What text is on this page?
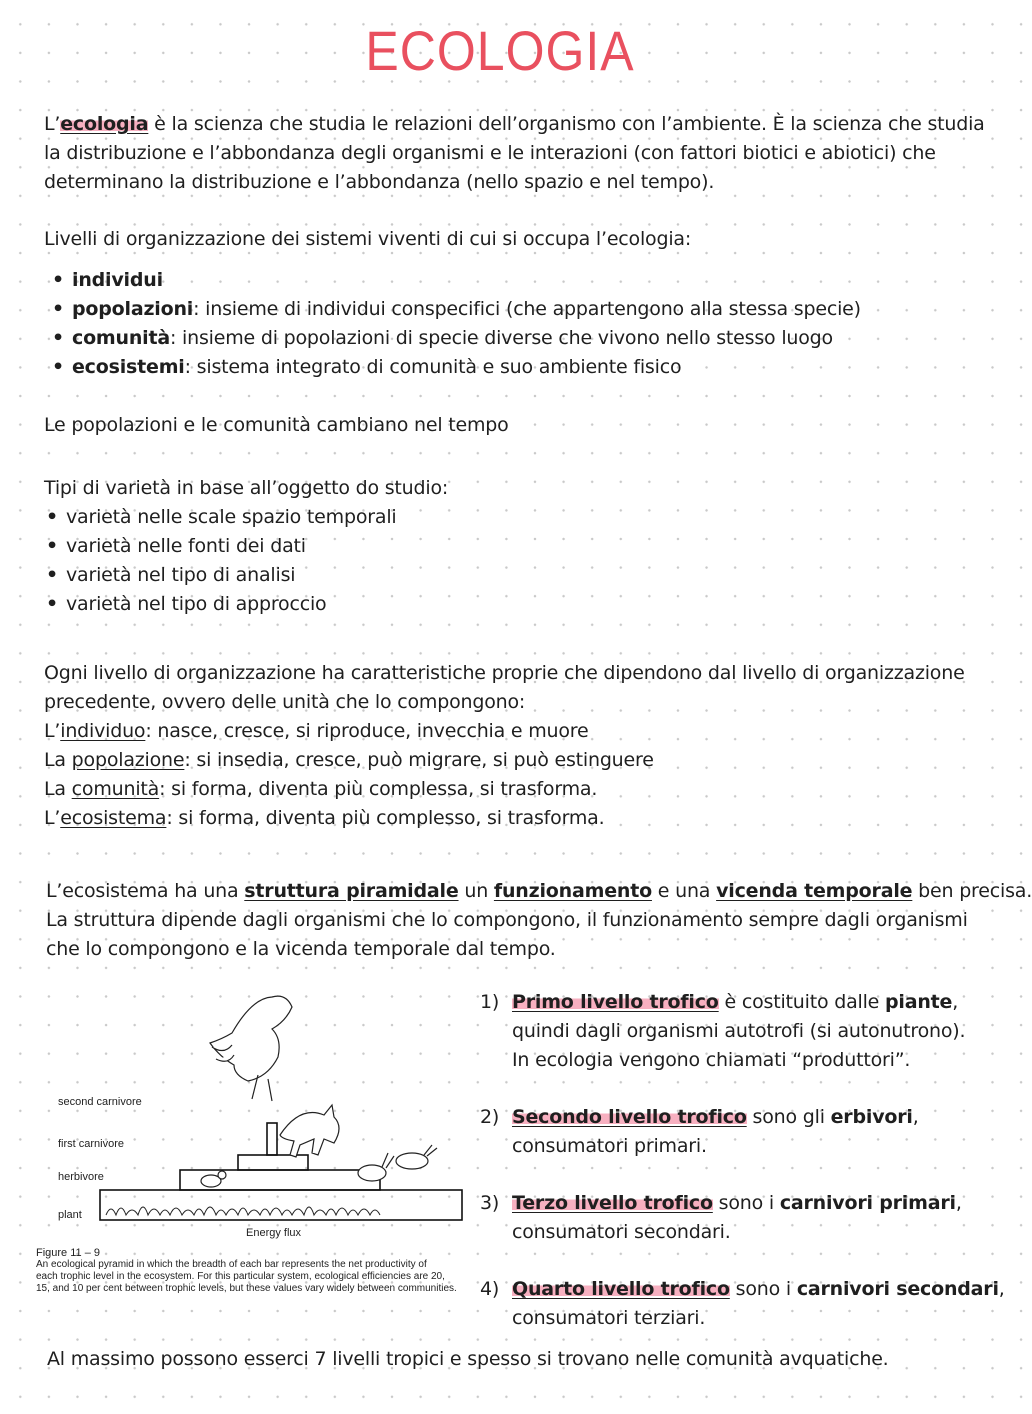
ECOLOGIA
L’ecologia è la scienza che studia le relazioni dell’organismo con l’ambiente. È la scienza che studia
la distribuzione e l’abbondanza degli organismi e le interazioni (con fattori biotici e abiotici) che
determinano la distribuzione e l’abbondanza (nello spazio e nel tempo).
Livelli di organizzazione dei sistemi viventi di cui si occupa l’ecologia:
• individui
• popolazioni: insieme di individui conspecifici (che appartengono alla stessa specie)
• comunità: insieme di popolazioni di specie diverse che vivono nello stesso luogo
• ecosistemi: sistema integrato di comunità e suo ambiente fisico
Le popolazioni e le comunità cambiano nel tempo
Tipi di varietà in base all’oggetto do studio:
• varietà nelle scale spazio temporali
• varietà nelle fonti dei dati
• varietà nel tipo di analisi
• varietà nel tipo di approccio
Ogni livello di organizzazione ha caratteristiche proprie che dipendono dal livello di organizzazione
precedente, ovvero delle unità che lo compongono:
L’individuo: nasce, cresce, si riproduce, invecchia e muore
La popolazione: si insedia, cresce, può migrare, si può estinguere
La comunità: si forma, diventa più complessa, si trasforma.
L’ecosistema: si forma, diventa più complesso, si trasforma.
L’ecosistema ha una struttura piramidale un funzionamento e una vicenda temporale ben precisa.
La struttura dipende dagli organismi che lo compongono, il funzionamento sempre dagli organismi
che lo compongono e la vicenda temporale dal tempo.
second carnivore
first carnivore
herbivore
plant
Energy flux
Figure 11 – 9
An ecological pyramid in which the breadth of each bar represents the net productivity of
each trophic level in the ecosystem. For this particular system, ecological efficiencies are 20,
15, and 10 per cent between trophic levels, but these values vary widely between communities.
1) Primo livello trofico è costituito dalle piante,
quindi dagli organismi autotrofi (si autonutrono).
In ecologia vengono chiamati “produttori”.
2) Secondo livello trofico sono gli erbivori,
consumatori primari.
3) Terzo livello trofico sono i carnivori primari,
consumatori secondari.
4) Quarto livello trofico sono i carnivori secondari,
consumatori terziari.
Al massimo possono esserci 7 livelli tropici e spesso si trovano nelle comunità avquatiche.
